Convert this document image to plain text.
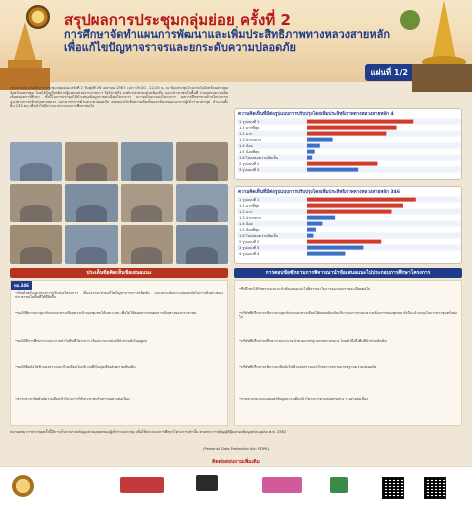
สรุปผลการประชุมกลุ่มย่อย ครั้งที่ 2
การศึกษาจัดทำแผนการพัฒนาและเพิ่มประสิทธิภาพทางหลวงสายหลัก
เพื่อแก้ไขปัญหาจราจรและยกระดับความปลอดภัย
แผ่นที่ 1/2
กรมทางหลวงได้จัดการประชุมกลุ่มย่อย ครั้งที่ 2 วันพุธที่ 26 เมษายน 2567 เวลา 09.00 - 12.00 น. ณ ห้องประชุมโรงแรมในจังหวัดนครปฐม จังหวัดนครปฐม โดยได้รับเกียรติจากผู้แทนหน่วยงานราชการ รัฐวิสาหกิจ องค์กรปกครองส่วนท้องถิ่น และประชาชนในพื้นที่ ร่วมแสดงความคิดเห็นต่อผลการศึกษา ทั้งนี้ในการประชุมได้นำเสนอข้อมูลรายละเอียดโครงการ ความเป็นมาของโครงการ ผลการศึกษาทางด้านวิศวกรรม แนวทางการปรับปรุงทางหลวง และมาตรการด้านความปลอดภัย ตลอดจนรับฟังความคิดเห็นและข้อเสนอแนะจากผู้เข้าร่วมประชุม จำนวนทั้งสิ้น 133 คน เพื่อนำไปพิจารณาประกอบการศึกษาต่อไป
ความคิดเห็นที่มีต่อรูปแบบการปรับปรุงโดยเพิ่มประสิทธิภาพทางหลวงสายหลัก 4
1 รูปแบบที่ 1
1.1 มากที่สุด
1.2 มาก
1.3 ปานกลาง
1.4 น้อย
1.5 น้อยที่สุด
1.6 ไม่แสดงความคิดเห็น
2 รูปแบบที่ 2
3 รูปแบบที่ 3
ความคิดเห็นที่มีต่อรูปแบบการปรับปรุงโดยเพิ่มประสิทธิภาพทางหลวงสายหลัก 346
1 รูปแบบที่ 1
1.1 มากที่สุด
1.2 มาก
1.3 ปานกลาง
1.4 น้อย
1.5 น้อยที่สุด
1.6 ไม่แสดงความคิดเห็น
2 รูปแบบที่ 2
3 รูปแบบที่ 3
4 รูปแบบที่ 4
ประเด็นข้อคิดเห็นข้อเสนอแนะ	การตอบข้อซักถามการพิจารณานำข้อเสนอแนะไปประกอบการศึกษาโครงการ
ทล.346
• เห็นด้วยกับแนวทางการปรับปรุงโครงการ เนื่องจากจะช่วยแก้ไขปัญหาการจราจรติดขัด และยกระดับความปลอดภัยในการเดินทางของประชาชนในพื้นที่ให้ดียิ่งขึ้น
• ขอให้พิจารณาจุดกลับรถและทางเชื่อมทางเข้าออกชุมชนให้เหมาะสม เพื่อไม่ให้ส่งผลกระทบต่อการเดินทางของประชาชน
• ขอให้มีการศึกษาระบบระบายน้ำในพื้นที่โครงการ เนื่องจากบางช่วงมีน้ำท่วมขังในฤดูฝน
• ขอให้ติดตั้งไฟฟ้าแสงสว่างและป้ายเตือนในบริเวณที่เป็นจุดเสี่ยงอันตรายเพิ่มเติม
• ควรประชาสัมพันธ์ความคืบหน้าโครงการให้ประชาชนรับทราบอย่างต่อเนื่อง
• ที่ปรึกษาได้รับทราบและจะนำข้อเสนอแนะไปพิจารณาในการออกแบบรายละเอียดต่อไป
• บริษัทที่ปรึกษาจะพิจารณาจุดกลับรถและทางเชื่อมให้สอดคล้องกับปริมาณจราจรและความต้องการของชุมชน ทั้งนี้จะนำเสนอในการประชุมครั้งต่อไป
• บริษัทที่ปรึกษาจะศึกษาระบบระบายน้ำตามมาตรฐานกรมทางหลวง โดยคำนึงถึงพื้นที่น้ำท่วมขังเดิม
• บริษัทที่ปรึกษาจะพิจารณาติดตั้งไฟฟ้าแสงสว่างและป้ายจราจรตามมาตรฐานความปลอดภัย
• กรมทางหลวงจะเผยแพร่ข้อมูลความคืบหน้าโครงการผ่านช่องทางต่าง ๆ อย่างต่อเนื่อง
หมายเหตุ การประชุมครั้งนี้มีการเก็บรวบรวมข้อมูลส่วนบุคคลของผู้เข้าร่วมประชุม เพื่อใช้ประกอบการศึกษาโครงการเท่านั้น ตามพระราชบัญญัติคุ้มครองข้อมูลส่วนบุคคล พ.ศ. 2562
(Personal Data Protection Act: PDPA)
ติดต่อสอบถามเพิ่มเติม
